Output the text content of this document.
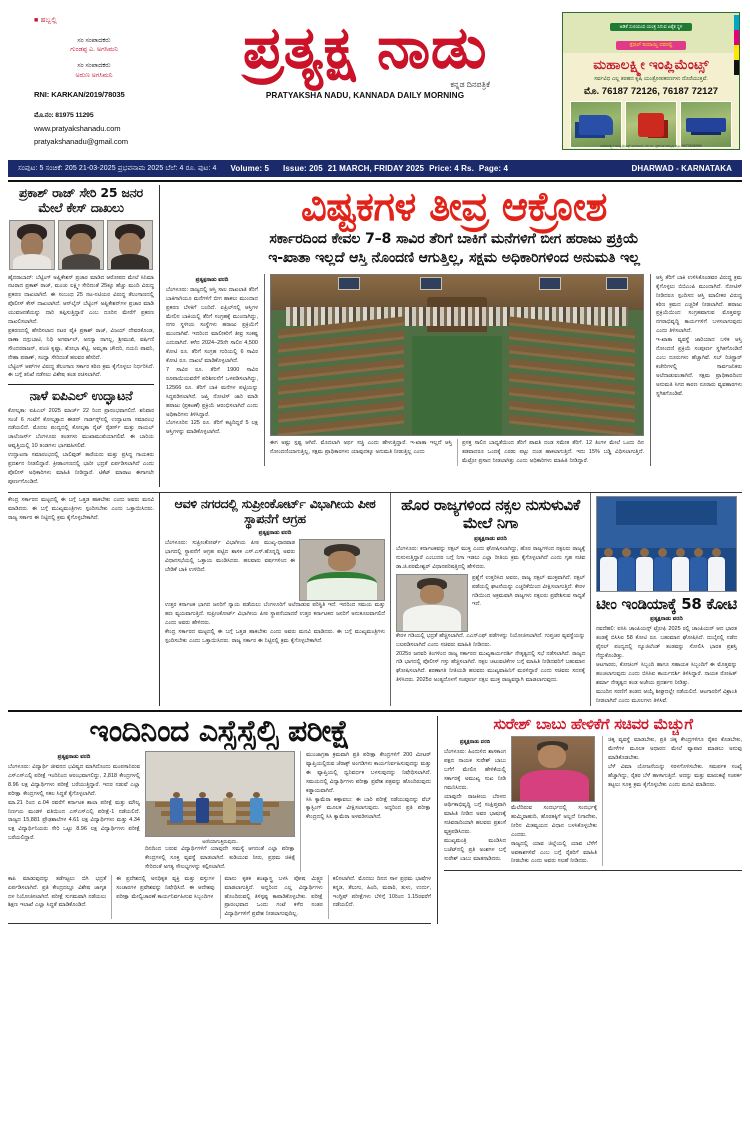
■ ಹಬ್ಬಲ್ಲಿ
ಸಂ ಸಂಪಾದಕರು
ಗುಂಡಪ್ಪ ಎ. ಅಗಸಿಮನಿ
ಸಂ ಸಂಪಾದಕರು
ಅರುಣ ಅಗಸಿಮನಿ
RNI: KARKAN/2019/78035
ಮೊ.ನಂ: 81975 11295
www.pratyakshanadu.com
pratyakshanadu@gmail.com
ಪ್ರತ್ಯಕ್ಷ ನಾಡು
ಕನ್ನಡ ದಿನಪತ್ರಿಕೆ
PRATYAKSHA NADU, KANNADA DAILY MORNING
ಅಡಿಕೆ ಸುಲಿಯುವ ಯಂತ್ರ ಸಿಗುವ ಏಕೈಕ ಸ್ಥಳ
ಸ್ಪೆಷಲ್ ರಿಯಾಯ್ತಿ ದರದಲ್ಲಿ
ಮಹಾಲಕ್ಷ್ಮೀ ಇಂಪ್ಲಿಮೆಂಟ್ಸ್
ಸರ್ವವಿಧ ಎಲ್ಲ ತರಹದ ಕೃಷಿ ಯಂತ್ರೋಪಕರಣಗಳು ದೊರೆಯುತ್ತವೆ.
ಮೊ. 76187 72126, 76187 72127
ಮಹಾಲಕ್ಷ್ಮೀ ಇಂಪ್ಲಿಮೆಂಟ್ಸ್ ಧಾರವಾಡ, ಶಿರ ಸಂ. ಪ್ರಶಾಂತ ಹುಬ್ಬಳ್ಳಿ ಮೊ: 9972636999
ಸಂಪುಟ: 5 ಸಂಚಿಕೆ: 205 21-03-2025 ಪ್ರಭವನಾಮ 2025 ಬೆಲೆ: 4 ರೂ. ಪುಟ: 4 Volume: 5 Issue: 205 21 MARCH, FRIDAY 2025 Price: 4 Rs. Page: 4	DHARWAD - KARNATAKA
ಪ್ರಕಾಶ್ ರಾಜ್ ಸೇರಿ 25 ಜನರ ಮೇಲೆ ಕೇಸ್ ದಾಖಲು
ಹೈದರಾಬಾದ್: ಬೆಟ್ಟಿಂಗ್ ಅಪ್ಲಿಕೇಶನ್ ಪ್ರಚಾರ ಮಾಡಿದ ಆರೋಪದ ಮೇಲೆ ಸಿನಿಮಾ ನಟರಾದ ಪ್ರಕಾಶ್ ರಾಜ್, ಮಂಚು ಲಕ್ಷ್ಮೀ ಸೇರಿದಂತೆ 25ಕ್ಕೂ ಹೆಚ್ಚು ಮಂದಿ ವಿರುದ್ಧ ಪ್ರಕರಣ ದಾಖಲಾಗಿದೆ. ಈ ಸಂಬಂಧ 25 ನಟ-ನಟಿಯರ ವಿರುದ್ಧ ತೆಲಂಗಾಣದಲ್ಲಿ ಪೊಲೀಸ್ ಕೇಸ್ ದಾಖಲಾಗಿದೆ. ಆನ್‌ಲೈನ್ ಬೆಟ್ಟಿಂಗ್ ಅಪ್ಲಿಕೇಶನ್‌ಗಳ ಪ್ರಚಾರ ಮಾಡಿ ಯುವಜನತೆಯನ್ನು ದಾರಿ ತಪ್ಪಿಸುತ್ತಿದ್ದಾರೆ ಎಂಬ ದೂರಿನ ಮೇರೆಗೆ ಪ್ರಕರಣ ದಾಖಲಿಸಲಾಗಿದೆ.
ಪ್ರಕರಣದಲ್ಲಿ ಹೆಸರಿಸಲಾದ ನಟರ ಪೈಕಿ ಪ್ರಕಾಶ್ ರಾಜ್, ವಿಜಯ್ ದೇವರಕೊಂಡ, ರಾಣಾ ದಗ್ಗುಬಾಟಿ, ನಿಧಿ ಅಗರ್ವಾಲ್, ಅನನ್ಯಾ ನಾಗಲ್ಲ, ಶ್ರೀಮುಖಿ, ವರ್ಷಿಣಿ ಸೌಂದರರಾಜನ್, ಪಂಚಿ ಕೃಷ್ಣಾ, ಶೋಭಾ ಶೆಟ್ಟಿ, ಅಮೃತಾ ಚೌದರಿ, ನಯನಿ ಪಾವನಿ, ನೇಹಾ ಪಠಾಣ್, ಸಂಧ್ಯಾ ಸೇರಿದಂತೆ ಹಲವರ ಹೆಸರಿದೆ.
ಬೆಟ್ಟಿಂಗ್ ಆಪ್‌ಗಳ ವಿರುದ್ಧ ತೆಲಂಗಾಣ ಸರ್ಕಾರ ಕಠಿಣ ಕ್ರಮ ಕೈಗೊಳ್ಳಲು ನಿರ್ಧರಿಸಿದೆ. ಈ ಬಗ್ಗೆ ತನಿಖೆ ನಡೆಸಲು ವಿಶೇಷ ತಂಡ ರಚಿಸಲಾಗಿದೆ.
ನಾಳೆ ಐಪಿಎಲ್ ಉದ್ಘಾಟನೆ
ಕೋಲ್ಕತಾ: ಐಪಿಎಲ್ 2025 ಮಾರ್ಚ್ 22 ರಿಂದ ಪ್ರಾರಂಭವಾಗಲಿದೆ. ಶನಿವಾರ ಸಂಜೆ 6 ಗಂಟೆಗೆ ಕೋಲ್ಕತ್ತಾದ ಈಡನ್ ಗಾರ್ಡನ್ಸ್‌ನಲ್ಲಿ ಉದ್ಘಾಟನಾ ಸಮಾರಂಭ ನಡೆಯಲಿದೆ. ಮೊದಲ ಪಂದ್ಯದಲ್ಲಿ ಕೋಲ್ಕತಾ ನೈಟ್ ರೈಡರ್ಸ್ ಮತ್ತು ರಾಯಲ್ ಚಾಲೆಂಜರ್ಸ್ ಬೆಂಗಳೂರು ತಂಡಗಳು ಮುಖಾಮುಖಿಯಾಗಲಿವೆ. ಈ ಬಾರಿಯ ಆವೃತ್ತಿಯಲ್ಲಿ 10 ತಂಡಗಳು ಭಾಗವಹಿಸಲಿವೆ.
ಉದ್ಘಾಟನಾ ಸಮಾರಂಭದಲ್ಲಿ ಬಾಲಿವುಡ್ ತಾರೆಯರು ಮತ್ತು ಪ್ರಸಿದ್ಧ ಗಾಯಕರು ಪ್ರದರ್ಶನ ನೀಡಲಿದ್ದಾರೆ. ಕ್ರೀಡಾಂಗಣದಲ್ಲಿ ಭಾರೀ ಭದ್ರತೆ ಏರ್ಪಡಿಸಲಾಗಿದೆ ಎಂದು ಪೊಲೀಸ್ ಅಧಿಕಾರಿಗಳು ಮಾಹಿತಿ ನೀಡಿದ್ದಾರೆ. ಟಿಕೆಟ್ ಮಾರಾಟ ಈಗಾಗಲೇ ಪೂರ್ಣಗೊಂಡಿದೆ.
ವಿಷ್ಟಕಗಳ ತೀವ್ರ ಆಕ್ರೋಶ
ಸರ್ಕಾರದಿಂದ ಕೇವಲ 7–8 ಸಾವಿರ ತೆರಿಗೆ ಬಾಕಿಗೆ ಮನೆಗಳಿಗೆ ಬೀಗ ಹರಾಜು ಪ್ರಕ್ರಿಯೆ
ಇ-ಖಾತಾ ಇಲ್ಲದೆ ಆಸ್ತಿ ನೊಂದಣಿ ಆಗುತ್ತಿಲ್ಲ, ಸಕ್ಷಮ ಅಧಿಕಾರಿಗಳಿಂದ ಅನುಮತಿ ಇಲ್ಲ
ಪ್ರತ್ಯಕ್ಷನಾಡು ವರದಿ
ಬೆಂಗಳೂರು: ರಾಜ್ಯದಲ್ಲಿ ಆಸ್ತಿ ಸಾಲ ದಾಖಲಾತಿ ತೆರಿಗೆ ಬಾಕಿಗಾಗಿಯೂ ಮನೆಗಳಿಗೆ ಬೀಗ ಹಾಕಲು ಮುಂದಾದ ಪ್ರಕರಣ ಬೆಳಕಿಗೆ ಬಂದಿದೆ. ಏಪ್ರಿಲ್‌ನಲ್ಲಿ ಆಸ್ತಿಗಳ ಮೇಲಿನ ಬಾಕಿಯಲ್ಲಿ ತೆರಿಗೆ ಸಂಗ್ರಹಕ್ಕೆ ಮುಂದಾಗಿದ್ದು, ನಗರ ಸ್ಥಳೀಯ ಸಂಸ್ಥೆಗಳು ಹರಾಜು ಪ್ರಕ್ರಿಯೆಗೆ ಮುಂದಾಗಿವೆ. ಇದರಿಂದ ಮಾಲೀಕರಿಗೆ ತೀವ್ರ ಸಂಕಷ್ಟ ಎದುರಾಗಿದೆ. ಕಳೆದ 2024–25ನೇ ಸಾಲಿನ 4,500 ಕೋಟಿ ರೂ. ತೆರಿಗೆ ಸಂಗ್ರಹ ಗುರಿಯಲ್ಲಿ 6 ಸಾವಿರ ಕೋಟಿ ರೂ. ದಾಖಲೆ ಮಾಡಿಕೊಳ್ಳಲಾಗಿದೆ.
7 ಸಾವಿರ ರೂ. ತೆರಿಗೆ 1900 ಸಾವಿರ ರೂಪಾಯಿಯವರೆಗೆ ಪರಿಶೀಲನೆಗೆ ಒಳಪಡಿಸಲಾಗಿದ್ದು, 12566 ರೂ. ತೆರಿಗೆ ಬಾಕಿ ಮನೆಗಳ ಪಟ್ಟಿಯನ್ನು ಸಿದ್ಧಪಡಿಸಲಾಗಿದೆ. ಜಪ್ತಿ ನೋಟಿಸ್ ಜಾರಿ ಮಾಡಿ ಹರಾಜು (ಪ್ರಕಟಣೆ) ಪ್ರಕ್ರಿಯೆ ಆರಂಭಿಸಲಾಗಿದೆ ಎಂದು ಅಧಿಕಾರಿಗಳು ತಿಳಿಸಿದ್ದಾರೆ.
ಬೆಂಗಳೂರಿನ 125 ರೂ. ತೆರಿಗೆ ಕಟ್ಟದಿದ್ದರೆ 5 ಲಕ್ಷ ಆಸ್ತಿಗಳನ್ನು ಮಾಡಿಕೊಳ್ಳಲಾಗಿದೆ.
ಈಗ ಅಷ್ಟು ಸ್ಪಷ್ಟ ಆಗಿದೆ. ಮೊದಲಾಗಿ ಅರ್ಥ ಸಚ್ಚಿ ಎಂದು ಹೇಳುತ್ತಿದ್ದಾರೆ. ಇ-ಖಾತಾ ಇಲ್ಲದೆ ಆಸ್ತಿ ನೋಂದಣಿಯಾಗುತ್ತಿಲ್ಲ, ಸಕ್ಷಮ ಪ್ರಾಧಿಕಾರಗಳು ಯಾವುದಕ್ಕೂ ಅನುಮತಿ ನೀಡುತ್ತಿಲ್ಲ ಎಂದು
ಪ್ರಸಕ್ತ ಸಾಲಿನ ಬಾಧ್ಯತೆಯಿಂದ ತೆರಿಗೆ ಪಾವತಿ ದಂಡ ಸಮೇತ ತೆರಿಗೆ. 12 ತಿಂಗಳ ಮೇಲೆ ಒಂದು ದಿನ ತಡವಾದರೂ ಒಂದಕ್ಕೆ ಎರಡು ಪಟ್ಟು ದಂಡ ಹಾಕಲಾಗುತ್ತಿದೆ. ಇದು 15% ಬಡ್ಡಿ ವಿಧಿಸಲಾಗುತ್ತಿದೆ. ಮೆಟ್ರೋ ಪ್ರಸಾದ ನೀಡಲಾಗಿತ್ತು ಎಂದು ಅಧಿಕಾರಿಗಳು ಮಾಹಿತಿ ನೀಡಿದ್ದಾರೆ.
ಆಸ್ತಿ ತೆರಿಗೆ ಬಾಕಿ ಉಳಿಸಿಕೊಂಡವರ ವಿರುದ್ಧ ಕ್ರಮ ಕೈಗೊಳ್ಳಲು ಬಿಬಿಎಂಪಿ ಮುಂದಾಗಿದೆ. ನೋಟಿಸ್ ನೀಡಿದರೂ ಸ್ಪಂದಿಸದ ಆಸ್ತಿ ಮಾಲೀಕರ ವಿರುದ್ಧ ಕಠಿಣ ಕ್ರಮದ ಎಚ್ಚರಿಕೆ ನೀಡಲಾಗಿದೆ. ಹರಾಜು ಪ್ರಕ್ರಿಯೆಯಿಂದ ಸಂಗ್ರಹವಾಗುವ ಮೊತ್ತವನ್ನು ನಗರಾಭಿವೃದ್ಧಿ ಕಾರ್ಯಗಳಿಗೆ ಬಳಸಲಾಗುವುದು ಎಂದು ತಿಳಿಸಲಾಗಿದೆ.
ಇ-ಖಾತಾ ವ್ಯವಸ್ಥೆ ಜಾರಿಯಾದ ಬಳಿಕ ಆಸ್ತಿ ನೋಂದಣಿ ಪ್ರಕ್ರಿಯೆ ಸಂಪೂರ್ಣ ಸ್ಥಗಿತಗೊಂಡಿದೆ ಎಂಬ ದೂರುಗಳು ಹೆಚ್ಚಾಗಿವೆ. ಸಬ್ ರಿಜಿಸ್ಟ್ರಾರ್ ಕಚೇರಿಗಳಲ್ಲಿ ಸಾರ್ವಜನಿಕರು ಅಲೆದಾಡುವಂತಾಗಿದೆ. ಸಕ್ಷಮ ಪ್ರಾಧಿಕಾರದಿಂದ ಅನುಮತಿ ಸಿಗದ ಕಾರಣ ನೂರಾರು ವ್ಯವಹಾರಗಳು ಸ್ಥಗಿತಗೊಂಡಿವೆ.
ಕೇಂದ್ರ ಸರ್ಕಾರದ ಮಟ್ಟದಲ್ಲಿ ಈ ಬಗ್ಗೆ ಒತ್ತಡ ಹಾಕಬೇಕು ಎಂದು ಅವರು ಮನವಿ ಮಾಡಿದರು. ಈ ಬಗ್ಗೆ ಮುಖ್ಯಮಂತ್ರಿಗಳು ಸ್ಪಂದಿಸಬೇಕು ಎಂದು ಒತ್ತಾಯಿಸಿದರು. ರಾಜ್ಯ ಸರ್ಕಾರ ಈ ನಿಟ್ಟಿನಲ್ಲಿ ಕ್ರಮ ಕೈಗೊಳ್ಳಬೇಕಾಗಿದೆ.
ಆವಳಿ ನಗರದಲ್ಲಿ ಸುಪ್ರೀಂಕೋರ್ಟ್ ವಿಭಾಗೀಯ ಪೀಠ ಸ್ಥಾಪನೆಗೆ ಆಗ್ರಹ
ಪ್ರತ್ಯಕ್ಷನಾಡು ವರದಿ
ಬೆಂಗಳೂರು: ಸುಪ್ರೀಂಕೋರ್ಟ್ ವಿಭಾಗೀಯ ಪೀಠ ಮುಖ್ಯ-ಧಾರವಾಡ ಭಾಗದಲ್ಲಿ ಸ್ಥಾಪನೆಗೆ ಆಗ್ರಹ ಪಟ್ಟಿದ ಶಾಸಕ ಎಸ್.ಎಸ್.ಹೊನ್ನದ್ದಿ ಅವರು ವಿಧಾನಸಭೆಯಲ್ಲಿ ಒತ್ತಾಯ ಮಂಡಿಸಿದರು. ಹಲವಾರು ವರ್ಷಗಳಿಂದ ಈ ಬೇಡಿಕೆ ಬಾಕಿ ಉಳಿದಿದೆ.
ಉತ್ತರ ಕರ್ನಾಟಕ ಭಾಗದ ಜನರಿಗೆ ನ್ಯಾಯ ಪಡೆಯಲು ಬೆಂಗಳೂರಿಗೆ ಅಲೆದಾಡುವ ಪರಿಸ್ಥಿತಿ ಇದೆ. ಇದರಿಂದ ಸಮಯ ಮತ್ತು ಹಣ ವ್ಯಯವಾಗುತ್ತಿದೆ. ಸುಪ್ರೀಂಕೋರ್ಟ್ ವಿಭಾಗೀಯ ಪೀಠ ಸ್ಥಾಪನೆಯಾದರೆ ಉತ್ತರ ಕರ್ನಾಟಕದ ಜನರಿಗೆ ಅನುಕೂಲವಾಗಲಿದೆ ಎಂದು ಅವರು ಹೇಳಿದರು.
ಕೇಂದ್ರ ಸರ್ಕಾರದ ಮಟ್ಟದಲ್ಲಿ ಈ ಬಗ್ಗೆ ಒತ್ತಡ ಹಾಕಬೇಕು ಎಂದು ಅವರು ಮನವಿ ಮಾಡಿದರು. ಈ ಬಗ್ಗೆ ಮುಖ್ಯಮಂತ್ರಿಗಳು ಸ್ಪಂದಿಸಬೇಕು ಎಂದು ಒತ್ತಾಯಿಸಿದರು. ರಾಜ್ಯ ಸರ್ಕಾರ ಈ ನಿಟ್ಟಿನಲ್ಲಿ ಕ್ರಮ ಕೈಗೊಳ್ಳಬೇಕಾಗಿದೆ.
ಹೊರ ರಾಜ್ಯಗಳಿಂದ ನಕ್ಸಲ ನುಸುಳುವಿಕೆ ಮೇಲೆ ನಿಗಾ
ಪ್ರತ್ಯಕ್ಷನಾಡು ವರದಿ
ಬೆಂಗಳೂರು: ಕರ್ನಾಟಕವನ್ನು ನಕ್ಸಲ್ ಮುಕ್ತ ಎಂದು ಘೋಷಿಸಲಾಗಿದ್ದು, ಹೊರ ರಾಜ್ಯಗಳಿಂದ ನಕ್ಸಲರು ರಾಜ್ಯಕ್ಕೆ ನುಸುಳುತ್ತಿದ್ದಾರೆ ಎಂಬುದರ ಬಗ್ಗೆ ನಿಗಾ ಇಡಲು ಎಲ್ಲಾ ರೀತಿಯ ಕ್ರಮ ಕೈಗೊಳ್ಳಲಾಗಿದೆ ಎಂದು ಗೃಹ ಸಚಿವ ಡಾ.ಜಿ.ಪರಮೇಶ್ವರ್ ವಿಧಾನಪರಿಷತ್ತಿನಲ್ಲಿ ಹೇಳಿದರು.
ಪ್ರಶ್ನೆಗೆ ಉತ್ತರಿಸಿದ ಅವರು, ರಾಜ್ಯ ನಕ್ಸಲ್ ಮುಕ್ತವಾಗಿದೆ. ನಕ್ಸಲ್ ಪಡೆಯಲ್ಲಿ ಘಟನೆಯನ್ನು ಎಚ್ಚರಿಕೆಯಿಂದ ವೀಕ್ಷಿಸಲಾಗುತ್ತಿದೆ. ಕೇರಳ ಗಡಿಯಿಂದ ಅಕ್ರಮವಾಗಿ ರಾಜ್ಯಗಳು ನಕ್ಸಲರು ಪ್ರವೇಶಿಸುವ ಸಾಧ್ಯತೆ ಇದೆ.
ಕೇರಳ ಗಡಿಯಲ್ಲಿ ಭದ್ರತೆ ಹೆಚ್ಚಿಸಲಾಗಿದೆ. ಎಎನ್ಎಫ್ ಪಡೆಗಳನ್ನು ನಿಯೋಜಿಸಲಾಗಿದೆ. ಗುಪ್ತಚರ ವ್ಯವಸ್ಥೆಯನ್ನು ಬಲಪಡಿಸಲಾಗಿದೆ ಎಂದು ಸಚಿವರು ಮಾಹಿತಿ ನೀಡಿದರು.
2025ರ ಜನವರಿ ತಿಂಗಳಿಂದ ರಾಜ್ಯ ಸರ್ಕಾರದ ಮುಖ್ಯಕಾರ್ಯದರ್ಶಿ ನೇತೃತ್ವದಲ್ಲಿ ಸಭೆ ನಡೆಸಲಾಗಿದೆ. ರಾಜ್ಯದ ಗಡಿ ಭಾಗದಲ್ಲಿ ಪೊಲೀಸ್ ಗಸ್ತು ಹೆಚ್ಚಿಸಲಾಗಿದೆ. ನಕ್ಸಲ ಚಟುವಟಿಕೆಗಳ ಬಗ್ಗೆ ಮಾಹಿತಿ ನೀಡಿದವರಿಗೆ ಬಹುಮಾನ ಘೋಷಿಸಲಾಗಿದೆ. ಶರಣಾಗತಿ ನೀತಿಯಡಿ ಹಲವರು ಮುಖ್ಯವಾಹಿನಿಗೆ ಮರಳಿದ್ದಾರೆ ಎಂದು ಸಚಿವರು ಸದನಕ್ಕೆ ತಿಳಿಸಿದರು. 2025ರ ಅಂತ್ಯದೊಳಗೆ ಸಂಪೂರ್ಣ ನಕ್ಸಲ ಮುಕ್ತ ರಾಜ್ಯವನ್ನಾಗಿ ಮಾಡಲಾಗುವುದು.
ಟೀಂ ಇಂಡಿಯಾಕ್ಕೆ 58 ಕೋಟಿ
ಪ್ರತ್ಯಕ್ಷನಾಡು ವರದಿ
ನವದೆಹಲಿ: ಐಸಿಸಿ ಚಾಂಪಿಯನ್ಸ್ ಟ್ರೋಫಿ 2025 ರಲ್ಲಿ ಚಾಂಪಿಯನ್ ಆದ ಭಾರತ ತಂಡಕ್ಕೆ ಬಿಸಿಸಿಐ 58 ಕೋಟಿ ರೂ. ಬಹುಮಾನ ಘೋಷಿಸಿದೆ. ದುಬೈನಲ್ಲಿ ನಡೆದ ಫೈನಲ್ ಪಂದ್ಯದಲ್ಲಿ ನ್ಯೂಜಿಲೆಂಡ್ ತಂಡವನ್ನು ಸೋಲಿಸಿ ಭಾರತ ಪ್ರಶಸ್ತಿ ಗೆದ್ದುಕೊಂಡಿತ್ತು.
ಆಟಗಾರರು, ಕೋಚಿಂಗ್ ಸಿಬ್ಬಂದಿ ಹಾಗೂ ಸಹಾಯಕ ಸಿಬ್ಬಂದಿಗೆ ಈ ಮೊತ್ತವನ್ನು ಹಂಚಲಾಗುವುದು ಎಂದು ಬಿಸಿಸಿಐ ಕಾರ್ಯದರ್ಶಿ ತಿಳಿಸಿದ್ದಾರೆ. ನಾಯಕ ರೋಹಿತ್ ಶರ್ಮಾ ನೇತೃತ್ವದ ತಂಡ ಅಜೇಯ ಪ್ರದರ್ಶನ ನೀಡಿತ್ತು.
ಮುಂದಿನ ಸರಣಿಗೆ ತಂಡದ ಆಯ್ಕೆ ಶೀಘ್ರದಲ್ಲೇ ನಡೆಯಲಿದೆ. ಆಟಗಾರರಿಗೆ ವಿಶ್ರಾಂತಿ ನೀಡಲಾಗಿದೆ ಎಂದು ಮೂಲಗಳು ತಿಳಿಸಿವೆ.
ಇಂದಿನಿಂದ ಎಸ್ಸೆಸ್ಸೆಲ್ಸಿ ಪರೀಕ್ಷೆ
ಪ್ರತ್ಯಕ್ಷನಾಡು ವರದಿ
ಬೆಂಗಳೂರು: ವಿದ್ಯಾರ್ಥಿ ಜೀವನದ ಭವಿಷ್ಯದ ಮಾಗಿದೊಂದು ಮಂಪಸಾನಿರುವ ಎಸ್ಎಸ್ಎಲ್ಸಿ ಪರೀಕ್ಷೆ ಇಂದಿನಿಂದ ಆರಂಭವಾಗಲಿದ್ದು, 2,818 ಕೇಂದ್ರಗಳಲ್ಲಿ 8.96 ಲಕ್ಷ ವಿದ್ಯಾರ್ಥಿಗಳು ಪರೀಕ್ಷೆ ಬರೆಯುತ್ತಿದ್ದಾರೆ. ಇದರ ನಡುವೆ ಎಲ್ಲಾ ಪರೀಕ್ಷಾ ಕೇಂದ್ರಗಳಲ್ಲಿ ಸಕಲ ಸಿದ್ಧತೆ ಕೈಗೊಳ್ಳಲಾಗಿದೆ.
ಮಾ.21 ರಿಂದ ಏ.04 ರವರೆಗೆ ಕರ್ನಾಟಕ ಶಾಲಾ ಪರೀಕ್ಷೆ ಮತ್ತು ಮೌಲ್ಯ ನಿರ್ಣಯ ಮಂಡಳಿ ವತಿಯಿಂದ ಎಸ್ಎಸ್ಎಲ್ಸಿ ಪರೀಕ್ಷೆ-1 ನಡೆಯಲಿದೆ. ರಾಜ್ಯದ 15,881 ಪ್ರೌಢಶಾಲೆಗಳ 4.61 ಲಕ್ಷ ವಿದ್ಯಾರ್ಥಿಗಳು ಮತ್ತು 4.34 ಲಕ್ಷ ವಿದ್ಯಾರ್ಥಿನಿಯರು ಸೇರಿ ಒಟ್ಟು 8.96 ಲಕ್ಷ ವಿದ್ಯಾರ್ಥಿಗಳು ಪರೀಕ್ಷೆ ಬರೆಯಲಿದ್ದಾರೆ.
ಅಣಿಯಾಗುತ್ತಿರುವುದು.
ದಿನದಿಂದ ಬರುವ ವಿದ್ಯಾರ್ಥಿಗಳಿಗೆ ಯಾವುದೇ ಸಮಸ್ಯೆ ಆಗದಂತೆ ಎಲ್ಲಾ ಪರೀಕ್ಷಾ ಕೇಂದ್ರಗಳಲ್ಲಿ ಸೂಕ್ತ ವ್ಯವಸ್ಥೆ ಮಾಡಲಾಗಿದೆ. ಕುಡಿಯುವ ನೀರು, ಪ್ರಥಮ ಚಿಕಿತ್ಸೆ ಸೇರಿದಂತೆ ಅಗತ್ಯ ಸೌಲಭ್ಯಗಳನ್ನು ಕಲ್ಪಿಸಲಾಗಿದೆ.
ಮುಂಜಾಗ್ರತಾ ಕ್ರಮವಾಗಿ ಪ್ರತಿ ಪರೀಕ್ಷಾ ಕೇಂದ್ರಗಳಿಗೆ 200 ಮೀಟರ್ ವ್ಯಾಪ್ತಿಯಲ್ಲಿರುವ ಜೆರಾಕ್ಸ್ ಅಂಗಡಿಗಳು ಕಾರ್ಯನಿರ್ವಹಿಸುವುದನ್ನು ಮತ್ತು ಈ ವ್ಯಾಪ್ತಿಯಲ್ಲಿ ಧ್ವನಿವರ್ಧಕ ಬಳಸುವುದನ್ನು ನಿಷೇಧಿಸಲಾಗಿದೆ. ಸಮಯದಲ್ಲಿ ವಿದ್ಯಾರ್ಥಿಗಳು ಪರೀಕ್ಷಾ ಪ್ರವೇಶ ಪತ್ರವನ್ನು ಹೊಂದಿರುವುದು ಕಡ್ಡಾಯವಾಗಿದೆ.
ಸಿಸಿ ಕ್ಯಾಮೆರಾ ಕಣ್ಗಾವಲು: ಈ ಬಾರಿ ಪರೀಕ್ಷೆ ನಡೆಯುವುದನ್ನು ವೆಬ್ ಕ್ಯಾಸ್ಟಿಂಗ್ ಮೂಲಕ ವೀಕ್ಷಿಸಲಾಗುವುದು. ಅದ್ದರಿಂದ ಪ್ರತಿ ಪರೀಕ್ಷಾ ಕೇಂದ್ರದಲ್ಲಿ ಸಿಸಿ ಕ್ಯಾಮೆರಾ ಅಳವಡಿಸಲಾಗಿದೆ.
ಕಾಪಿ ಮಾಡುವುದನ್ನು ತಡೆಗಟ್ಟಲು ಬಿಗಿ ಭದ್ರತೆ ಏರ್ಪಡಿಸಲಾಗಿದೆ. ಪ್ರತಿ ಕೇಂದ್ರದಲ್ಲೂ ವಿಶೇಷ ಜಾಗೃತ ದಳ ನಿಯೋಜಿಸಲಾಗಿದೆ. ಪರೀಕ್ಷೆ ಸುಗಮವಾಗಿ ನಡೆಯಲು ಶಿಕ್ಷಣ ಇಲಾಖೆ ಎಲ್ಲಾ ಸಿದ್ಧತೆ ಮಾಡಿಕೊಂಡಿದೆ.
ಈ ಪ್ರದೇಶದಲ್ಲಿ ಅನಧಿಕೃತ ವ್ಯಕ್ತಿ ಮತ್ತು ವಸ್ತುಗಳ ಸಂಚಾರಗಳ ಪ್ರವೇಶವನ್ನು ನಿಷೇಧಿಸಿದೆ. ಈ ಆದೇಶವು ಪರೀಕ್ಷಾ ಮೇಲ್ವಿಚಾರಣೆ ಕಾರ್ಯನಿರ್ವಹಿಸುವ ಸಿಬ್ಬಂದಿಗಳ
ಮಾನು ಕೃತಕ ಶಂಖ್ಯಾಸ್ತ್ರ ಬಳಸಿ ಪೋಷ ಮಿತ್ರ್ಯರ ಮಾಡಲಾಗುತ್ತಿದೆ. ಅದ್ದರಿಂದ ಎಲ್ಲ ವಿದ್ಯಾರ್ಥಿಗಳು ಹೊಂದಿರುವಲ್ಲಿ ತಿಳಿಸ್ಪಷ್ಟ ಕಾಪಾಡಿಕೊಳ್ಳಬೇಕು. ಪರೀಕ್ಷೆ ಪ್ರಾರಂಭವಾದ ಒಂದು ಗಂಟೆ ಕಳೆದ ನಂತರ ವಿದ್ಯಾರ್ಥಿಗಳಿಗೆ ಪ್ರವೇಶ ನೀಡಲಾಗುವುದಿಲ್ಲ.
ಕಲಿಸಲಾಗಿದೆ. ಮೊದಲು ದಿನದ ಸಾಳ ಪ್ರಥಮ ಭಾಷೆಗಳ ಕನ್ನಡ, ತೆಲುಗು, ಹಿಂದಿ, ಮರಾಠಿ, ತುಳು, ಉರ್ದು, ಇಂಗ್ಲಿಷ್ ಪರೀಕ್ಷೆಗಳು ಬೆಳಿಗ್ಗೆ 10ರಿಂದ 1.15ರವರೆಗೆ ನಡೆಯಲಿದೆ.
ಸುರೇಶ್ ಬಾಬು ಹೇಳಿಕೆಗೆ ಸಚಿವರ ಮೆಚ್ಚುಗೆ
ಪ್ರತ್ಯಕ್ಷನಾಡು ವರದಿ
ಬೆಂಗಳೂರು: ಹಿಂದುಳಿದ ಶಾಸಕಾಂಗ ಪಕ್ಷದ ನಾಯಕ ಸುರೇಶ್ ಬಾಬು ಬಗೆಗೆ ಮೇಲಿನ ಹೇಳಿಕೆಯಲ್ಲಿ ಸರ್ಕಾರಕ್ಕೆ ಅಮುಖ್ಯ ಸುಖ ನೀಡಿ ಗಮನಿಸಿದರು.
ಯಾವುದೇ ರಾಜಕೀಯ ಬೆರಳದ ಆರ್ಥಿಕಾಭಿವೃದ್ಧಿ ಬಗ್ಗೆ ಸಂಕ್ಷಿಪ್ತವಾಗಿ ಮಾಹಿತಿ ನೀಡಿದ ಅವರ ಭಾಷಣಕ್ಕೆ ಸಚಿವರಾದಿಯಾಗಿ ಹಲವರು ಪ್ರಶಂಸೆ ವ್ಯಕ್ತಪಡಿಸಿದರು.
ಮುಖ್ಯಮಂತ್ರಿ ಮಂಡಿಸಿದ ಬಜೆಟ್‌ನಲ್ಲಿ ಪ್ರತಿ ಅಂಶಗಳ ಬಗ್ಗೆ ಸುರೇಶ್ ಬಾಬು ಮಾತನಾಡಿದರು.
ಮೆಲೆದಿರುವ ಸಂದರ್ಭದಲ್ಲಿ ಸಂದರ್ಭಕ್ಕೆ ಹುಮ್ಮಿರಾಹುದಿ, ಹೊರತಕ್ಕಿಗೆ ಅಲ್ಲದೆ ನಿಗಾದೇಕು, ನೀರಿನ ಮಿತವ್ಯಯದ ವಿಧಾನ ಬಳಸಿಕೊಳ್ಳಬೇಕು ಎಂದರು.
ರಾಜ್ಯದಲ್ಲಿ ಯಾವ ಜಿಲ್ಲೆಯಲ್ಲಿ ಯಾವ ಬೆಳೆಗೆ ಅವಕಾಶಗಳಿವೆ ಎಂಬ ಬಗ್ಗೆ ರೈತರಿಗೆ ಮಾಹಿತಿ ನೀಡಬೇಕು ಎಂದು ಅವರು ಸಲಹೆ ನೀಡಿದರು.
ಚಿಕ್ಕ ವ್ಯವಸ್ಥೆ ಮಾಡಬೇಕು, ಪ್ರತಿ ಚಿಕ್ಕ ಕೇಂದ್ರಗಳಿಗೂ ರೈತರ ಕೊಡಬೇಕು, ಮೇಳೆಗಳ ಮೂಲಕ ಅಧಾರದ ಮೇಲೆ ವ್ಯಾಪಾರ ಮಾಡಲು ಅನುವು ಮಾಡಿಕೊಡಬೇಕು.
ಬೆಳೆ ವಿಮಾ ಯೋಜನೆಯನ್ನು ಸರಳಗೊಳಿಸಬೇಕು. ಸಮರ್ಪಕ ಸಂಖ್ಯೆ ಹೆಚ್ಚಾಗಿದ್ದು, ರೈತರ ಬೆಳೆ ಹಾಳಾಗುತ್ತಿದೆ. ಅದನ್ನು ಮತ್ತು ಮಾರುಕಟ್ಟೆ ಸಂಪರ್ಕ ತಟ್ಟಲು ಸೂಕ್ತ ಕ್ರಮ ಕೈಗೊಳ್ಳಬೇಕು ಎಂದು ಮನವಿ ಮಾಡಿದರು.
